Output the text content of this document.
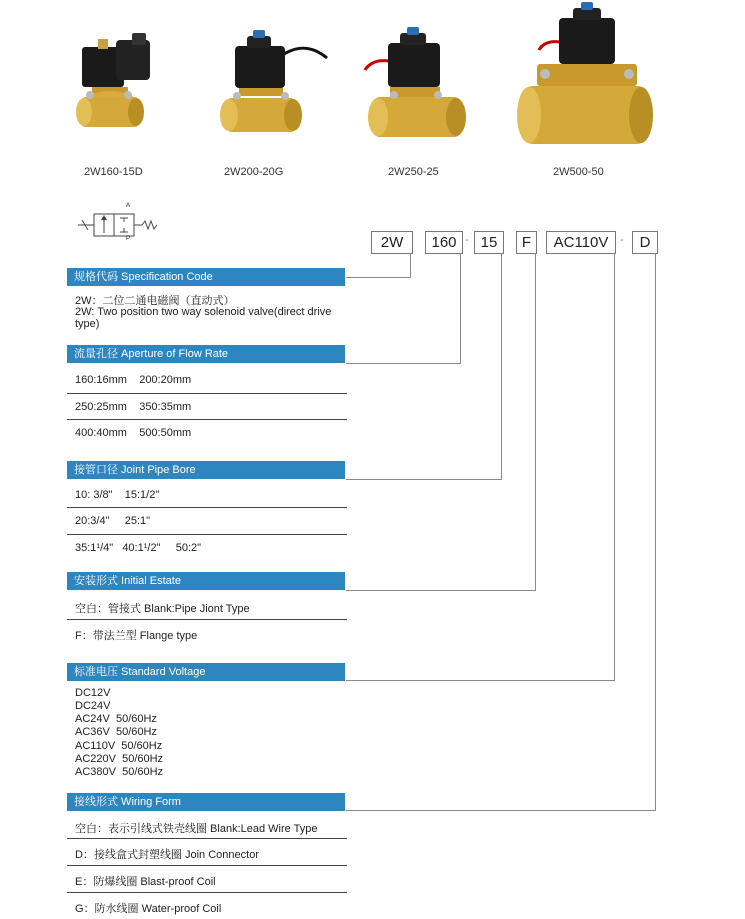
2W160-15D	2W200-20G	2W250-25	2W500-50
A
P	2W	160 - 15	F	AC110V	-	D
规格代码 Specification Code
2W：二位二通电磁阀（直动式）
2W: Two position two way solenoid valve(direct drive type)
流量孔径 Aperture of Flow Rate
160:16mm    200:20mm
250:25mm    350:35mm
400:40mm    500:50mm
接管口径 Joint Pipe Bore
10: 3/8"    15:1/2"
20:3/4"     25:1"
35:1¹/4"   40:1¹/2"     50:2"
安装形式 Initial Estate
空白：管接式 Blank:Pipe Jiont Type
F：带法兰型 Flange type
标准电压 Standard Voltage
DC12V
DC24V
AC24V  50/60Hz
AC36V  50/60Hz
AC110V  50/60Hz
AC220V  50/60Hz
AC380V  50/60Hz
接线形式 Wiring Form
空白：表示引线式铁壳线圈 Blank:Lead Wire Type
D：接线盒式封塑线圈 Join Connector
E：防爆线圈 Blast-proof Coil
G：防水线圈 Water-proof Coil
